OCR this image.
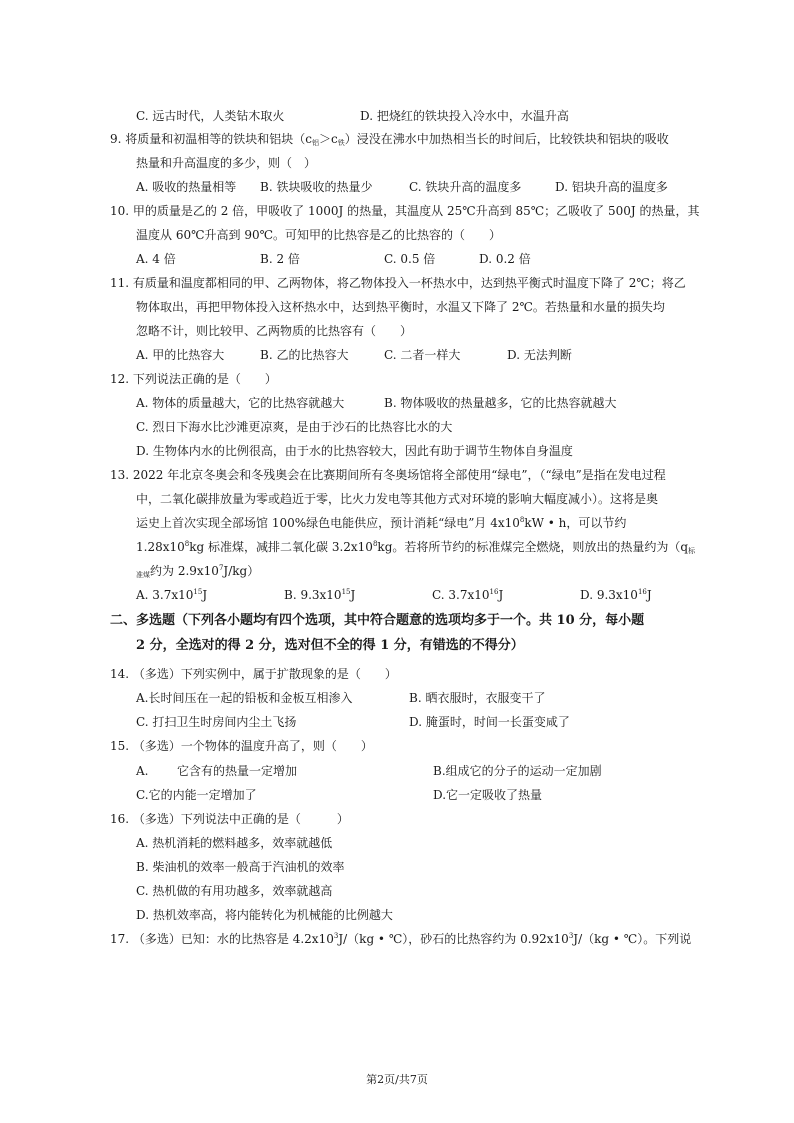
C. 远古时代，人类钻木取火	D. 把烧红的铁块投入冷水中，水温升高
9. 将质量和初温相等的铁块和铝块（c铝＞c铁）浸没在沸水中加热相当长的时间后，比较铁块和铝块的吸收
热量和升高温度的多少，则（　）
A. 吸收的热量相等 B. 铁块吸收的热量少	C. 铁块升高的温度多	D. 铝块升高的温度多
10. 甲的质量是乙的 2 倍，甲吸收了 1000J 的热量，其温度从 25℃升高到 85℃；乙吸收了 500J 的热量，其
温度从 60℃升高到 90℃。可知甲的比热容是乙的比热容的（　　）
A. 4 倍	B. 2 倍	C. 0.5 倍	D. 0.2 倍
11. 有质量和温度都相同的甲、乙两物体，将乙物体投入一杯热水中，达到热平衡式时温度下降了 2℃；将乙
物体取出，再把甲物体投入这杯热水中，达到热平衡时，水温又下降了 2℃。若热量和水量的损失均
忽略不计，则比较甲、乙两物质的比热容有（　　）
A. 甲的比热容大	B. 乙的比热容大	C. 二者一样大	D. 无法判断
12. 下列说法正确的是（　　）
A. 物体的质量越大，它的比热容就越大	B. 物体吸收的热量越多，它的比热容就越大
C. 烈日下海水比沙滩更凉爽，是由于沙石的比热容比水的大
D. 生物体内水的比例很高，由于水的比热容较大，因此有助于调节生物体自身温度
13. 2022 年北京冬奥会和冬残奥会在比赛期间所有冬奥场馆将全部使用“绿电”，（“绿电”是指在发电过程
中，二氧化碳排放量为零或趋近于零，比火力发电等其他方式对环境的影响大幅度减小）。这将是奥
运史上首次实现全部场馆 100%绿色电能供应，预计消耗“绿电”月 $4x10^8kW$ • h，可以节约
$1.28x10^8kg$ 标准煤，减排二氧化碳 $3.2x10^8kg$。若将所节约的标准煤完全燃烧，则放出的热量约为（q标
准煤约为 $2.9x10^7J/kg$）
A. $3.7x10^{15}J$	B. $9.3x10^{15}J$	C. $3.7x10^{16}J$	D. $9.3x10^{16}J$
二、多选题（下列各小题均有四个选项，其中符合题意的选项均多于一个。共 10 分，每小题
2 分，全选对的得 2 分，选对但不全的得 1 分，有错选的不得分）
14. （多选）下列实例中，属于扩散现象的是（　　）
A.长时间压在一起的铅板和金板互相渗入	B. 晒衣服时，衣服变干了
C. 打扫卫生时房间内尘土飞扬	D. 腌蛋时，时间一长蛋变咸了
15. （多选）一个物体的温度升高了，则（　　）
A. 它含有的热量一定增加	B.组成它的分子的运动一定加剧
C.它的内能一定增加了	D.它一定吸收了热量
16. （多选）下列说法中正确的是（　　　）
A. 热机消耗的燃料越多，效率就越低
B. 柴油机的效率一般高于汽油机的效率
C. 热机做的有用功越多，效率就越高
D. 热机效率高，将内能转化为机械能的比例越大
17. （多选）已知：水的比热容是 $4.2x10^3J/(kg$ • ℃），砂石的比热容约为 $0.92x10^3J/(kg$ • ℃）。下列说
第2页/共7页
